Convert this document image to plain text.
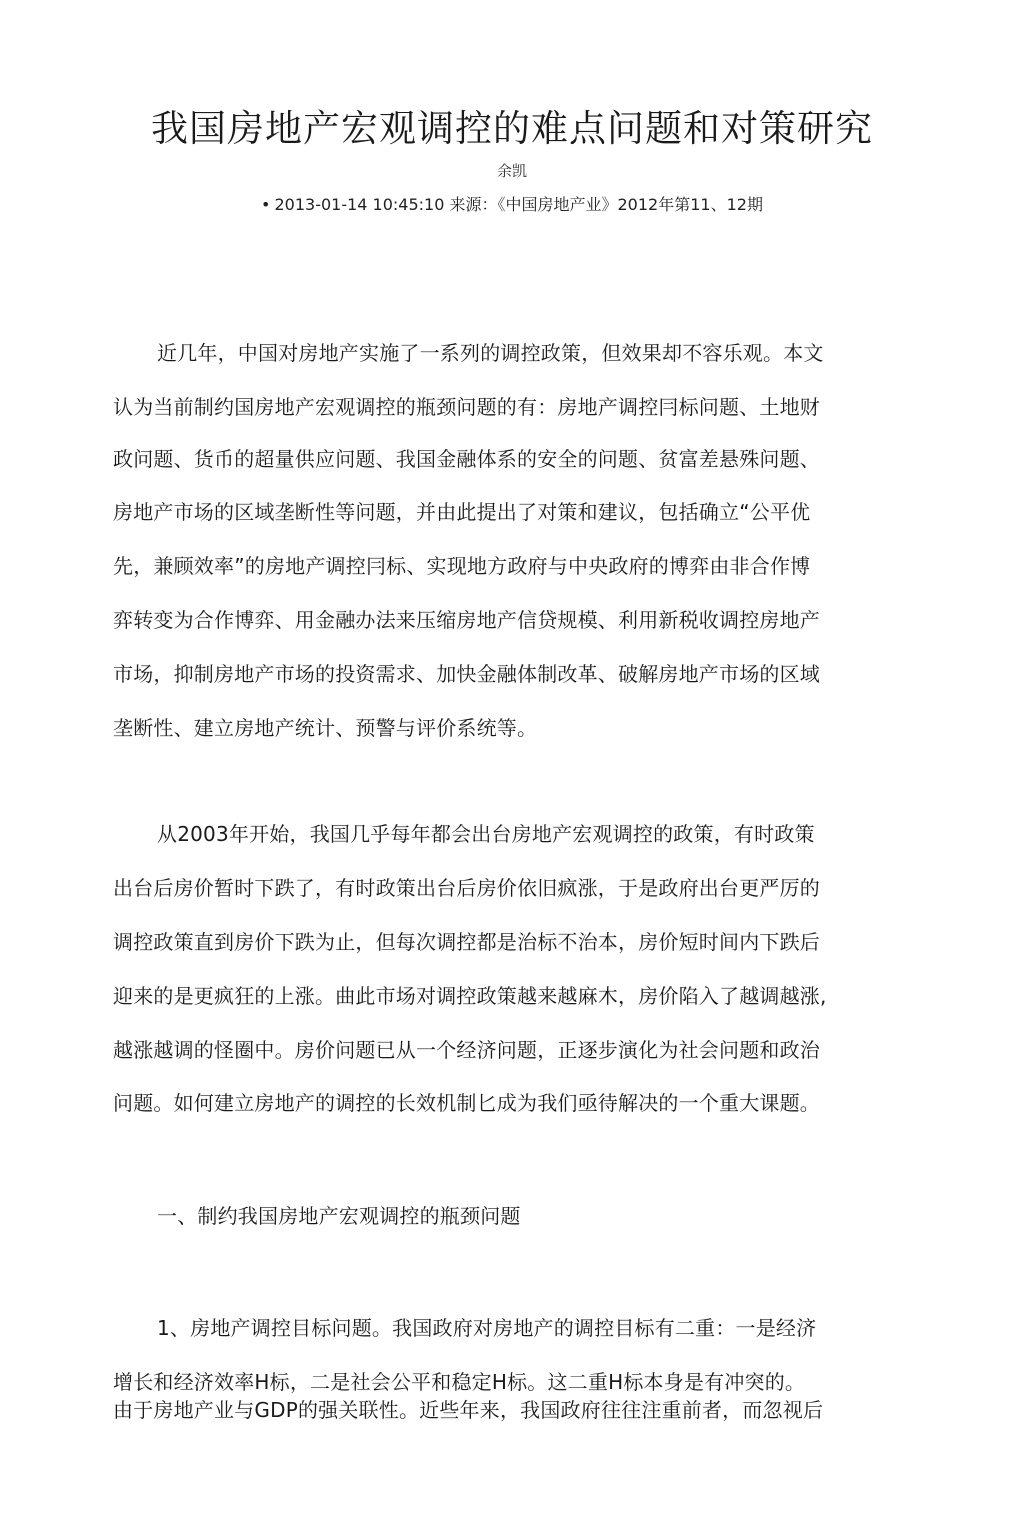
我国房地产宏观调控的难点问题和对策研究
余凯
• 2013-01-14 10:45:10 来源：《中国房地产业》2012年第11、12期
近几年，中国对房地产实施了一系列的调控政策，但效果却不容乐观。本文
认为当前制约国房地产宏观调控的瓶颈问题的有：房地产调控冃标问题、土地财
政问题、货币的超量供应问题、我国金融体系的安全的问题、贫富差悬殊问题、
房地产市场的区域垄断性等问题，并由此提出了对策和建议，包括确立“公平优
先，兼顾效率”的房地产调控冃标、实现地方政府与中央政府的博弈由非合作博
弈转变为合作博弈、用金融办法来压缩房地产信贷规模、利用新税收调控房地产
市场，抑制房地产市场的投资需求、加快金融体制改革、破解房地产市场的区域
垄断性、建立房地产统计、预警与评价系统等。
从2003年开始，我国几乎每年都会出台房地产宏观调控的政策，有时政策
出台后房价暂时下跌了，有时政策出台后房价依旧疯涨，于是政府出台更严厉的
调控政策直到房价下跌为止，但每次调控都是治标不治本，房价短时间内下跌后
迎来的是更疯狂的上涨。曲此市场对调控政策越来越麻木，房价陷入了越调越涨,
越涨越调的怪圈中。房价问题已从一个经济问题，正逐步演化为社会问题和政治
问题。如何建立房地产的调控的长效机制匕成为我们亟待解决的一个重大课题。
一、制约我国房地产宏观调控的瓶颈问题
1、房地产调控目标问题。我国政府对房地产的调控目标有二重：一是经济
增长和经济效率H标，二是社会公平和稳定H标。这二重H标本身是有冲突的。
由于房地产业与GDP的强关联性。近些年来，我国政府往往注重前者，而忽视后
